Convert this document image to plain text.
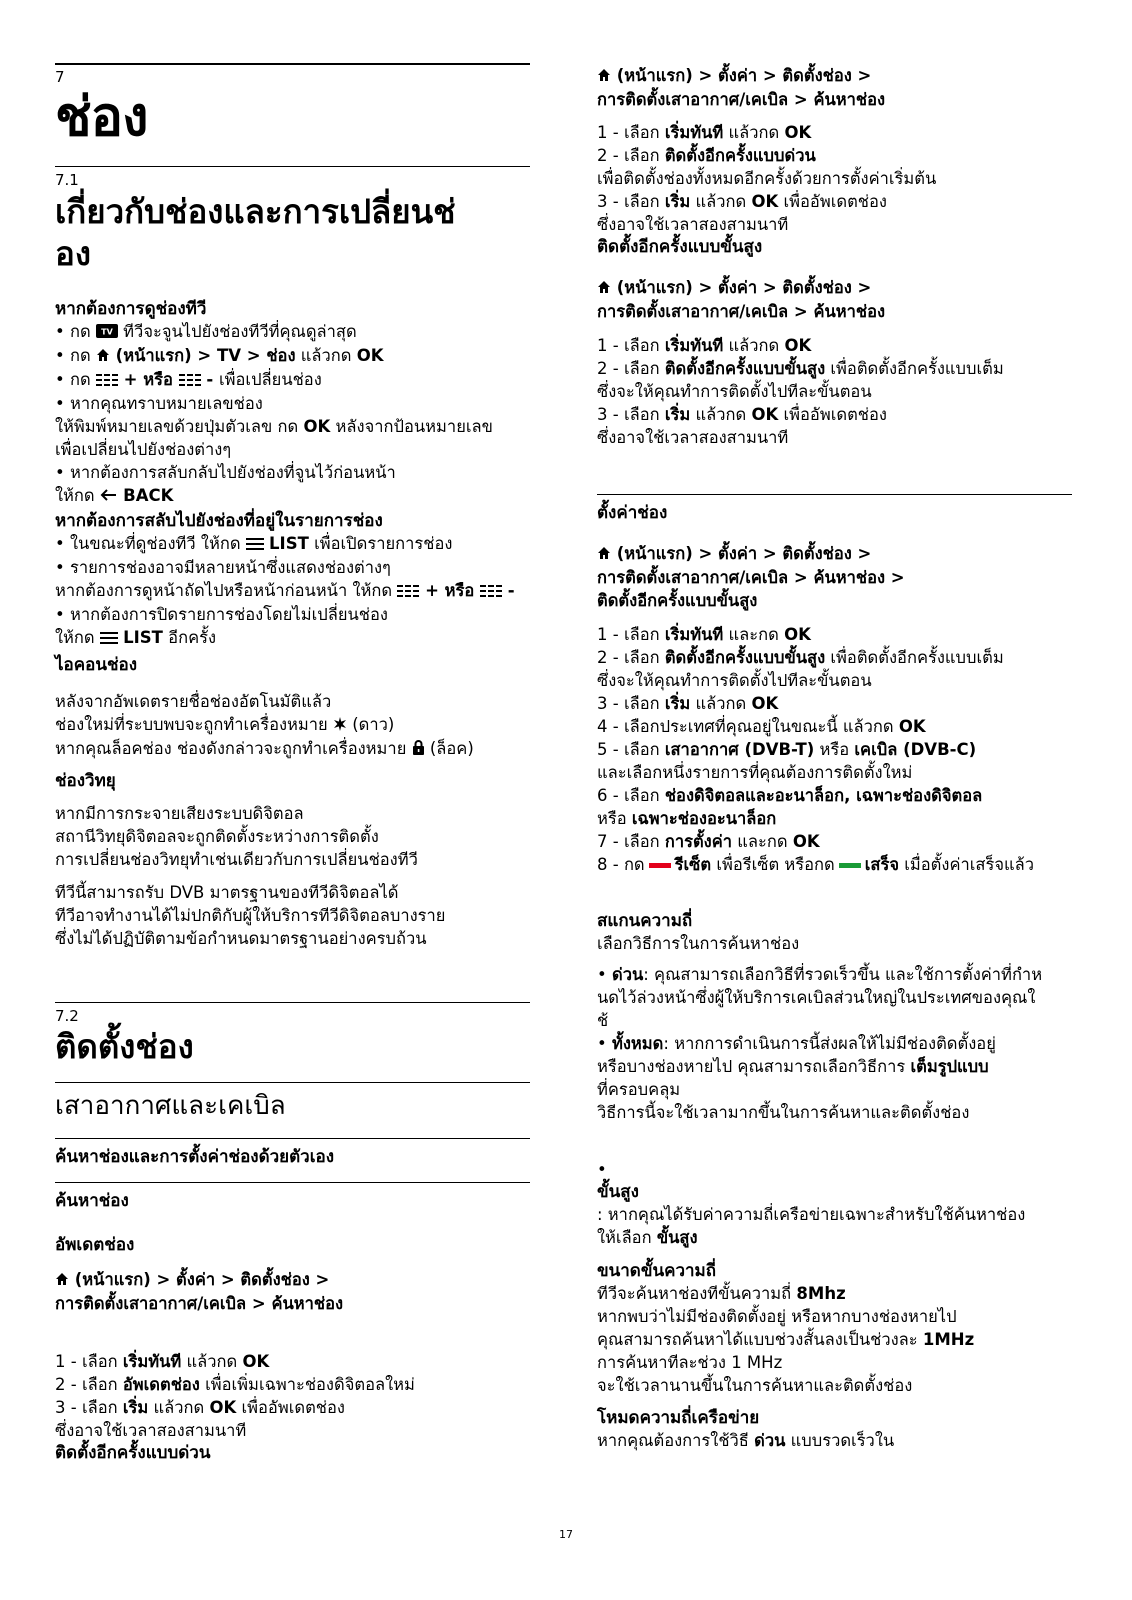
7
ช่อง
7.1
เกี่ยวกับช่องและการเปลี่ยนช่
อง
หากต้องการดูช่องทีวี

• กด TV ทีวีจะจูนไปยังช่องทีวีที่คุณดูล่าสุด

• กด  (หน้าแรก) > TV > ช่อง แล้วกด OK

• กด  + หรือ  - เพื่อเปลี่ยนช่อง

• หากคุณทราบหมายเลขช่อง

ให้พิมพ์หมายเลขด้วยปุ่มตัวเลข กด OK หลังจากป้อนหมายเลข

เพื่อเปลี่ยนไปยังช่องต่างๆ

• หากต้องการสลับกลับไปยังช่องที่จูนไว้ก่อนหน้า

ให้กด  BACK

หากต้องการสลับไปยังช่องที่อยู่ในรายการช่อง

• ในขณะที่ดูช่องทีวี ให้กด  LIST เพื่อเปิดรายการช่อง

• รายการช่องอาจมีหลายหน้าซึ่งแสดงช่องต่างๆ

หากต้องการดูหน้าถัดไปหรือหน้าก่อนหน้า ให้กด  + หรือ  -

• หากต้องการปิดรายการช่องโดยไม่เปลี่ยนช่อง

ให้กด  LIST อีกครั้ง

ไอคอนช่อง

หลังจากอัพเดตรายชื่อช่องอัตโนมัติแล้ว

ช่องใหม่ที่ระบบพบจะถูกทำเครื่องหมาย  (ดาว)

หากคุณล็อคช่อง ช่องดังกล่าวจะถูกทำเครื่องหมาย  (ล็อค)

ช่องวิทยุ

หากมีการกระจายเสียงระบบดิจิตอล

สถานีวิทยุดิจิตอลจะถูกติดตั้งระหว่างการติดตั้ง

การเปลี่ยนช่องวิทยุทำเช่นเดียวกับการเปลี่ยนช่องทีวี

ทีวีนี้สามารถรับ DVB มาตรฐานของทีวีดิจิตอลได้

ทีวีอาจทำงานได้ไม่ปกติกับผู้ให้บริการทีวีดิจิตอลบางราย

ซึ่งไม่ได้ปฏิบัติตามข้อกำหนดมาตรฐานอย่างครบถ้วน

7.2
ติดตั้งช่อง
เสาอากาศและเคเบิล
ค้นหาช่องและการตั้งค่าช่องด้วยตัวเอง
ค้นหาช่อง
อัพเดตช่อง

(หน้าแรก) > ตั้งค่า > ติดตั้งช่อง >

การติดตั้งเสาอากาศ/เคเบิล > ค้นหาช่อง

1 - เลือก เริ่มทันที แล้วกด OK

2 - เลือก อัพเดตช่อง เพื่อเพิ่มเฉพาะช่องดิจิตอลใหม่

3 - เลือก เริ่ม แล้วกด OK เพื่ออัพเดตช่อง

ซึ่งอาจใช้เวลาสองสามนาที

ติดตั้งอีกครั้งแบบด่วน

(หน้าแรก) > ตั้งค่า > ติดตั้งช่อง >

การติดตั้งเสาอากาศ/เคเบิล > ค้นหาช่อง

1 - เลือก เริ่มทันที แล้วกด OK

2 - เลือก ติดตั้งอีกครั้งแบบด่วน

เพื่อติดตั้งช่องทั้งหมดอีกครั้งด้วยการตั้งค่าเริ่มต้น

3 - เลือก เริ่ม แล้วกด OK เพื่ออัพเดตช่อง

ซึ่งอาจใช้เวลาสองสามนาที

ติดตั้งอีกครั้งแบบขั้นสูง

(หน้าแรก) > ตั้งค่า > ติดตั้งช่อง >

การติดตั้งเสาอากาศ/เคเบิล > ค้นหาช่อง

1 - เลือก เริ่มทันที แล้วกด OK

2 - เลือก ติดตั้งอีกครั้งแบบขั้นสูง เพื่อติดตั้งอีกครั้งแบบเต็ม

ซึ่งจะให้คุณทำการติดตั้งไปทีละขั้นตอน

3 - เลือก เริ่ม แล้วกด OK เพื่ออัพเดตช่อง

ซึ่งอาจใช้เวลาสองสามนาที

ตั้งค่าช่อง

(หน้าแรก) > ตั้งค่า > ติดตั้งช่อง >

การติดตั้งเสาอากาศ/เคเบิล > ค้นหาช่อง >

ติดตั้งอีกครั้งแบบขั้นสูง

1 - เลือก เริ่มทันที และกด OK

2 - เลือก ติดตั้งอีกครั้งแบบขั้นสูง เพื่อติดตั้งอีกครั้งแบบเต็ม

ซึ่งจะให้คุณทำการติดตั้งไปทีละขั้นตอน

3 - เลือก เริ่ม แล้วกด OK

4 - เลือกประเทศที่คุณอยู่ในขณะนี้ แล้วกด OK

5 - เลือก เสาอากาศ (DVB-T) หรือ เคเบิล (DVB-C)

และเลือกหนึ่งรายการที่คุณต้องการติดตั้งใหม่

6 - เลือก ช่องดิจิตอลและอะนาล็อก, เฉพาะช่องดิจิตอล

หรือ เฉพาะช่องอะนาล็อก

7 - เลือก การตั้งค่า และกด OK

8 - กด รีเซ็ต เพื่อรีเซ็ต หรือกด เสร็จ เมื่อตั้งค่าเสร็จแล้ว

สแกนความถี่

เลือกวิธีการในการค้นหาช่อง

• ด่วน: คุณสามารถเลือกวิธีที่รวดเร็วขึ้น และใช้การตั้งค่าที่กำห

นดไว้ล่วงหน้าซึ่งผู้ให้บริการเคเบิลส่วนใหญ่ในประเทศของคุณใ

ช้

• ทั้งหมด: หากการดำเนินการนี้ส่งผลให้ไม่มีช่องติดตั้งอยู่

หรือบางช่องหายไป คุณสามารถเลือกวิธีการ เต็มรูปแบบ

ที่ครอบคลุม

วิธีการนี้จะใช้เวลามากขึ้นในการค้นหาและติดตั้งช่อง

•

ขั้นสูง

: หากคุณได้รับค่าความถี่เครือข่ายเฉพาะสำหรับใช้ค้นหาช่อง

ให้เลือก ขั้นสูง

ขนาดขั้นความถี่

ทีวีจะค้นหาช่องทีขั้นความถี่ 8Mhz

หากพบว่าไม่มีช่องติดตั้งอยู่ หรือหากบางช่องหายไป

คุณสามารถค้นหาได้แบบช่วงสั้นลงเป็นช่วงละ 1MHz

การค้นหาทีละช่วง 1 MHz

จะใช้เวลานานขึ้นในการค้นหาและติดตั้งช่อง

โหมดความถี่เครือข่าย

หากคุณต้องการใช้วิธี ด่วน แบบรวดเร็วใน

17
